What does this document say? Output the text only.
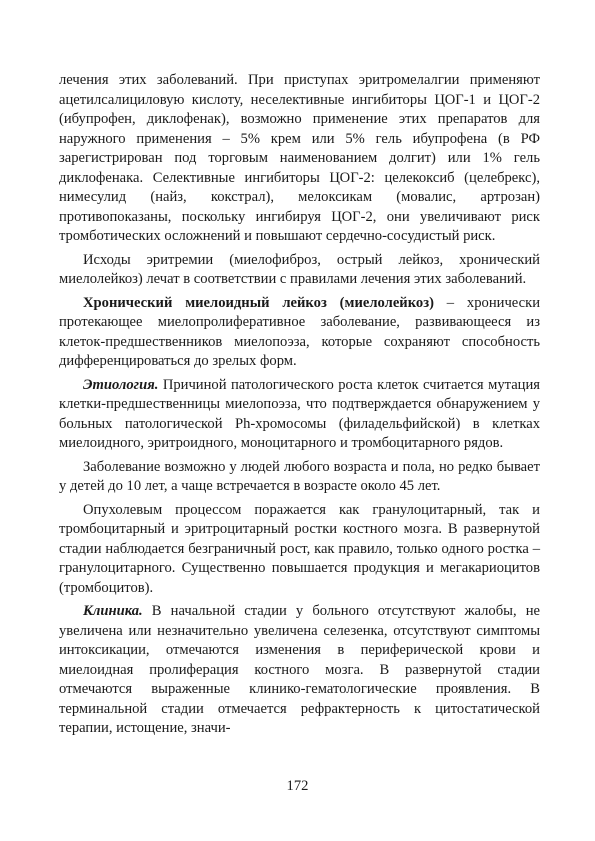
лечения этих заболеваний. При приступах эритромелалгии применяют ацетилсалициловую кислоту, неселективные ингибиторы ЦОГ-1 и ЦОГ-2 (ибупрофен, диклофенак), возможно применение этих препаратов для наружного применения – 5% крем или 5% гель ибупрофена (в РФ зарегистрирован под торговым наименованием долгит) или 1% гель диклофенака. Селективные ингибиторы ЦОГ-2: целекоксиб (целебрекс), нимесулид (найз, кокстрал), мелоксикам (мовалис, артрозан) противопоказаны, поскольку ингибируя ЦОГ-2, они увеличивают риск тромботических осложнений и повышают сердечно-сосудистый риск.

Исходы эритремии (миелофиброз, острый лейкоз, хронический миелолейкоз) лечат в соответствии с правилами лечения этих заболеваний.

Хронический миелоидный лейкоз (миелолейкоз) – хронически протекающее миелопролиферативное заболевание, развивающееся из клеток-предшественников миелопоэза, которые сохраняют способность дифференцироваться до зрелых форм.

Этиология. Причиной патологического роста клеток считается мутация клетки-предшественницы миелопоэза, что подтверждается обнаружением у больных патологической Ph-хромосомы (филадельфийской) в клетках миелоидного, эритроидного, моноцитарного и тромбоцитарного рядов.

Заболевание возможно у людей любого возраста и пола, но редко бывает у детей до 10 лет, а чаще встречается в возрасте около 45 лет.

Опухолевым процессом поражается как гранулоцитарный, так и тромбоцитарный и эритроцитарный ростки костного мозга. В развернутой стадии наблюдается безграничный рост, как правило, только одного ростка – гранулоцитарного. Существенно повышается продукция и мегакариоцитов (тромбоцитов).

Клиника. В начальной стадии у больного отсутствуют жалобы, не увеличена или незначительно увеличена селезенка, отсутствуют симптомы интоксикации, отмечаются изменения в периферической крови и миелоидная пролиферация костного мозга. В развернутой стадии отмечаются выраженные клинико-гематологические проявления. В терминальной стадии отмечается рефрактерность к цитостатической терапии, истощение, значи-

172
